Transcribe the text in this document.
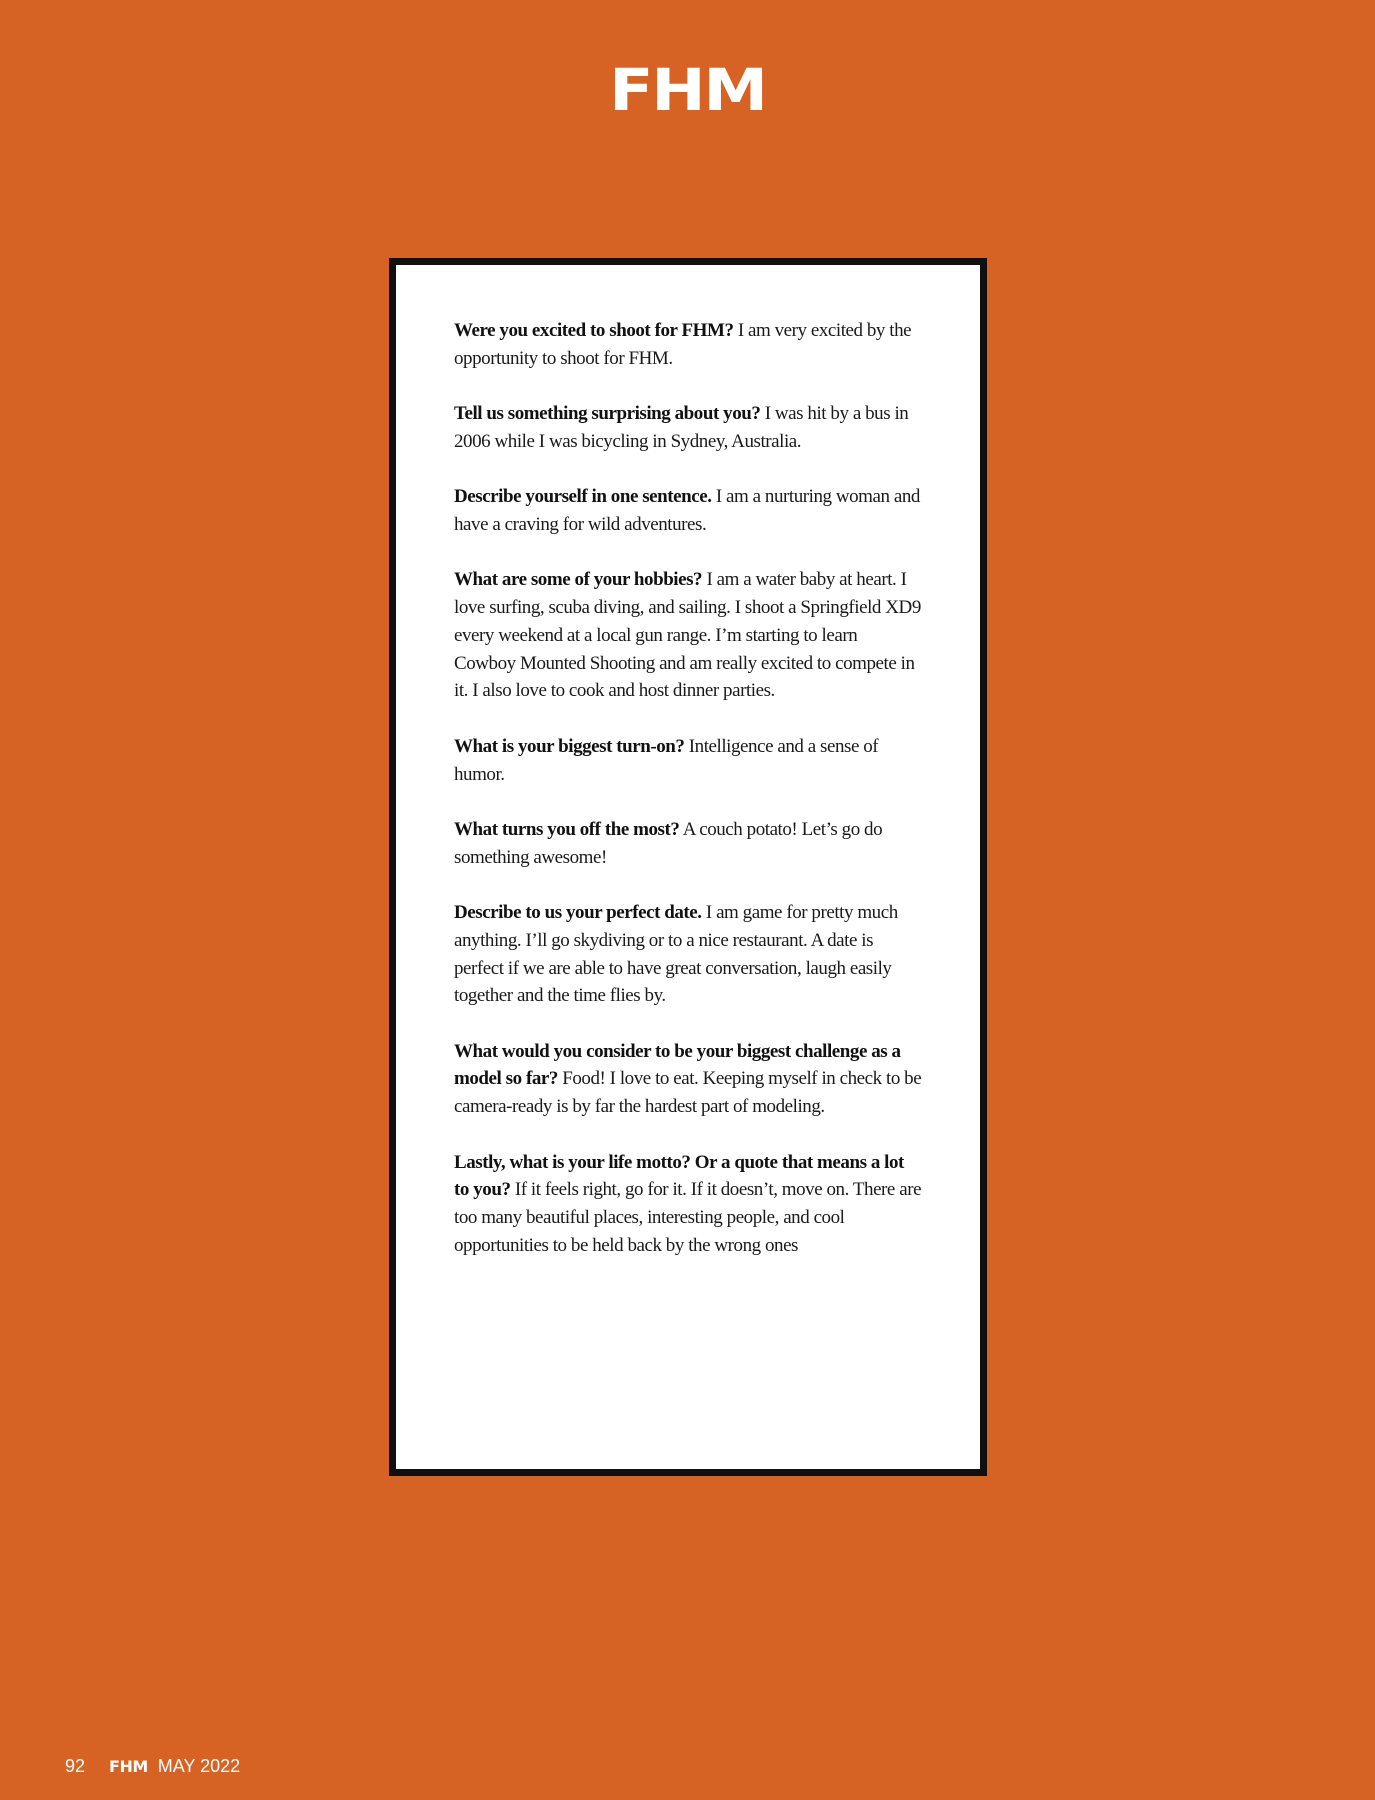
FHM

Were you excited to shoot for FHM? I am very excited by the opportunity to shoot for FHM.

Tell us something surprising about you? I was hit by a bus in 2006 while I was bicycling in Sydney, Australia.

Describe yourself in one sentence. I am a nurturing woman and have a craving for wild adventures.

What are some of your hobbies? I am a water baby at heart. I love surfing, scuba diving, and sailing. I shoot a Springfield XD9 every weekend at a local gun range. I’m starting to learn Cowboy Mounted Shooting and am really excited to compete in it. I also love to cook and host dinner parties.

What is your biggest turn-on? Intelligence and a sense of humor.

What turns you off the most? A couch potato! Let’s go do something awesome!

Describe to us your perfect date. I am game for pretty much anything. I’ll go skydiving or to a nice restaurant. A date is perfect if we are able to have great conversation, laugh easily together and the time flies by.

What would you consider to be your biggest challenge as a model so far? Food! I love to eat. Keeping myself in check to be camera-ready is by far the hardest part of modeling.

Lastly, what is your life motto? Or a quote that means a lot to you? If it feels right, go for it. If it doesn’t, move on. There are too many beautiful places, interesting people, and cool opportunities to be held back by the wrong ones

92 FHM MAY 2022
